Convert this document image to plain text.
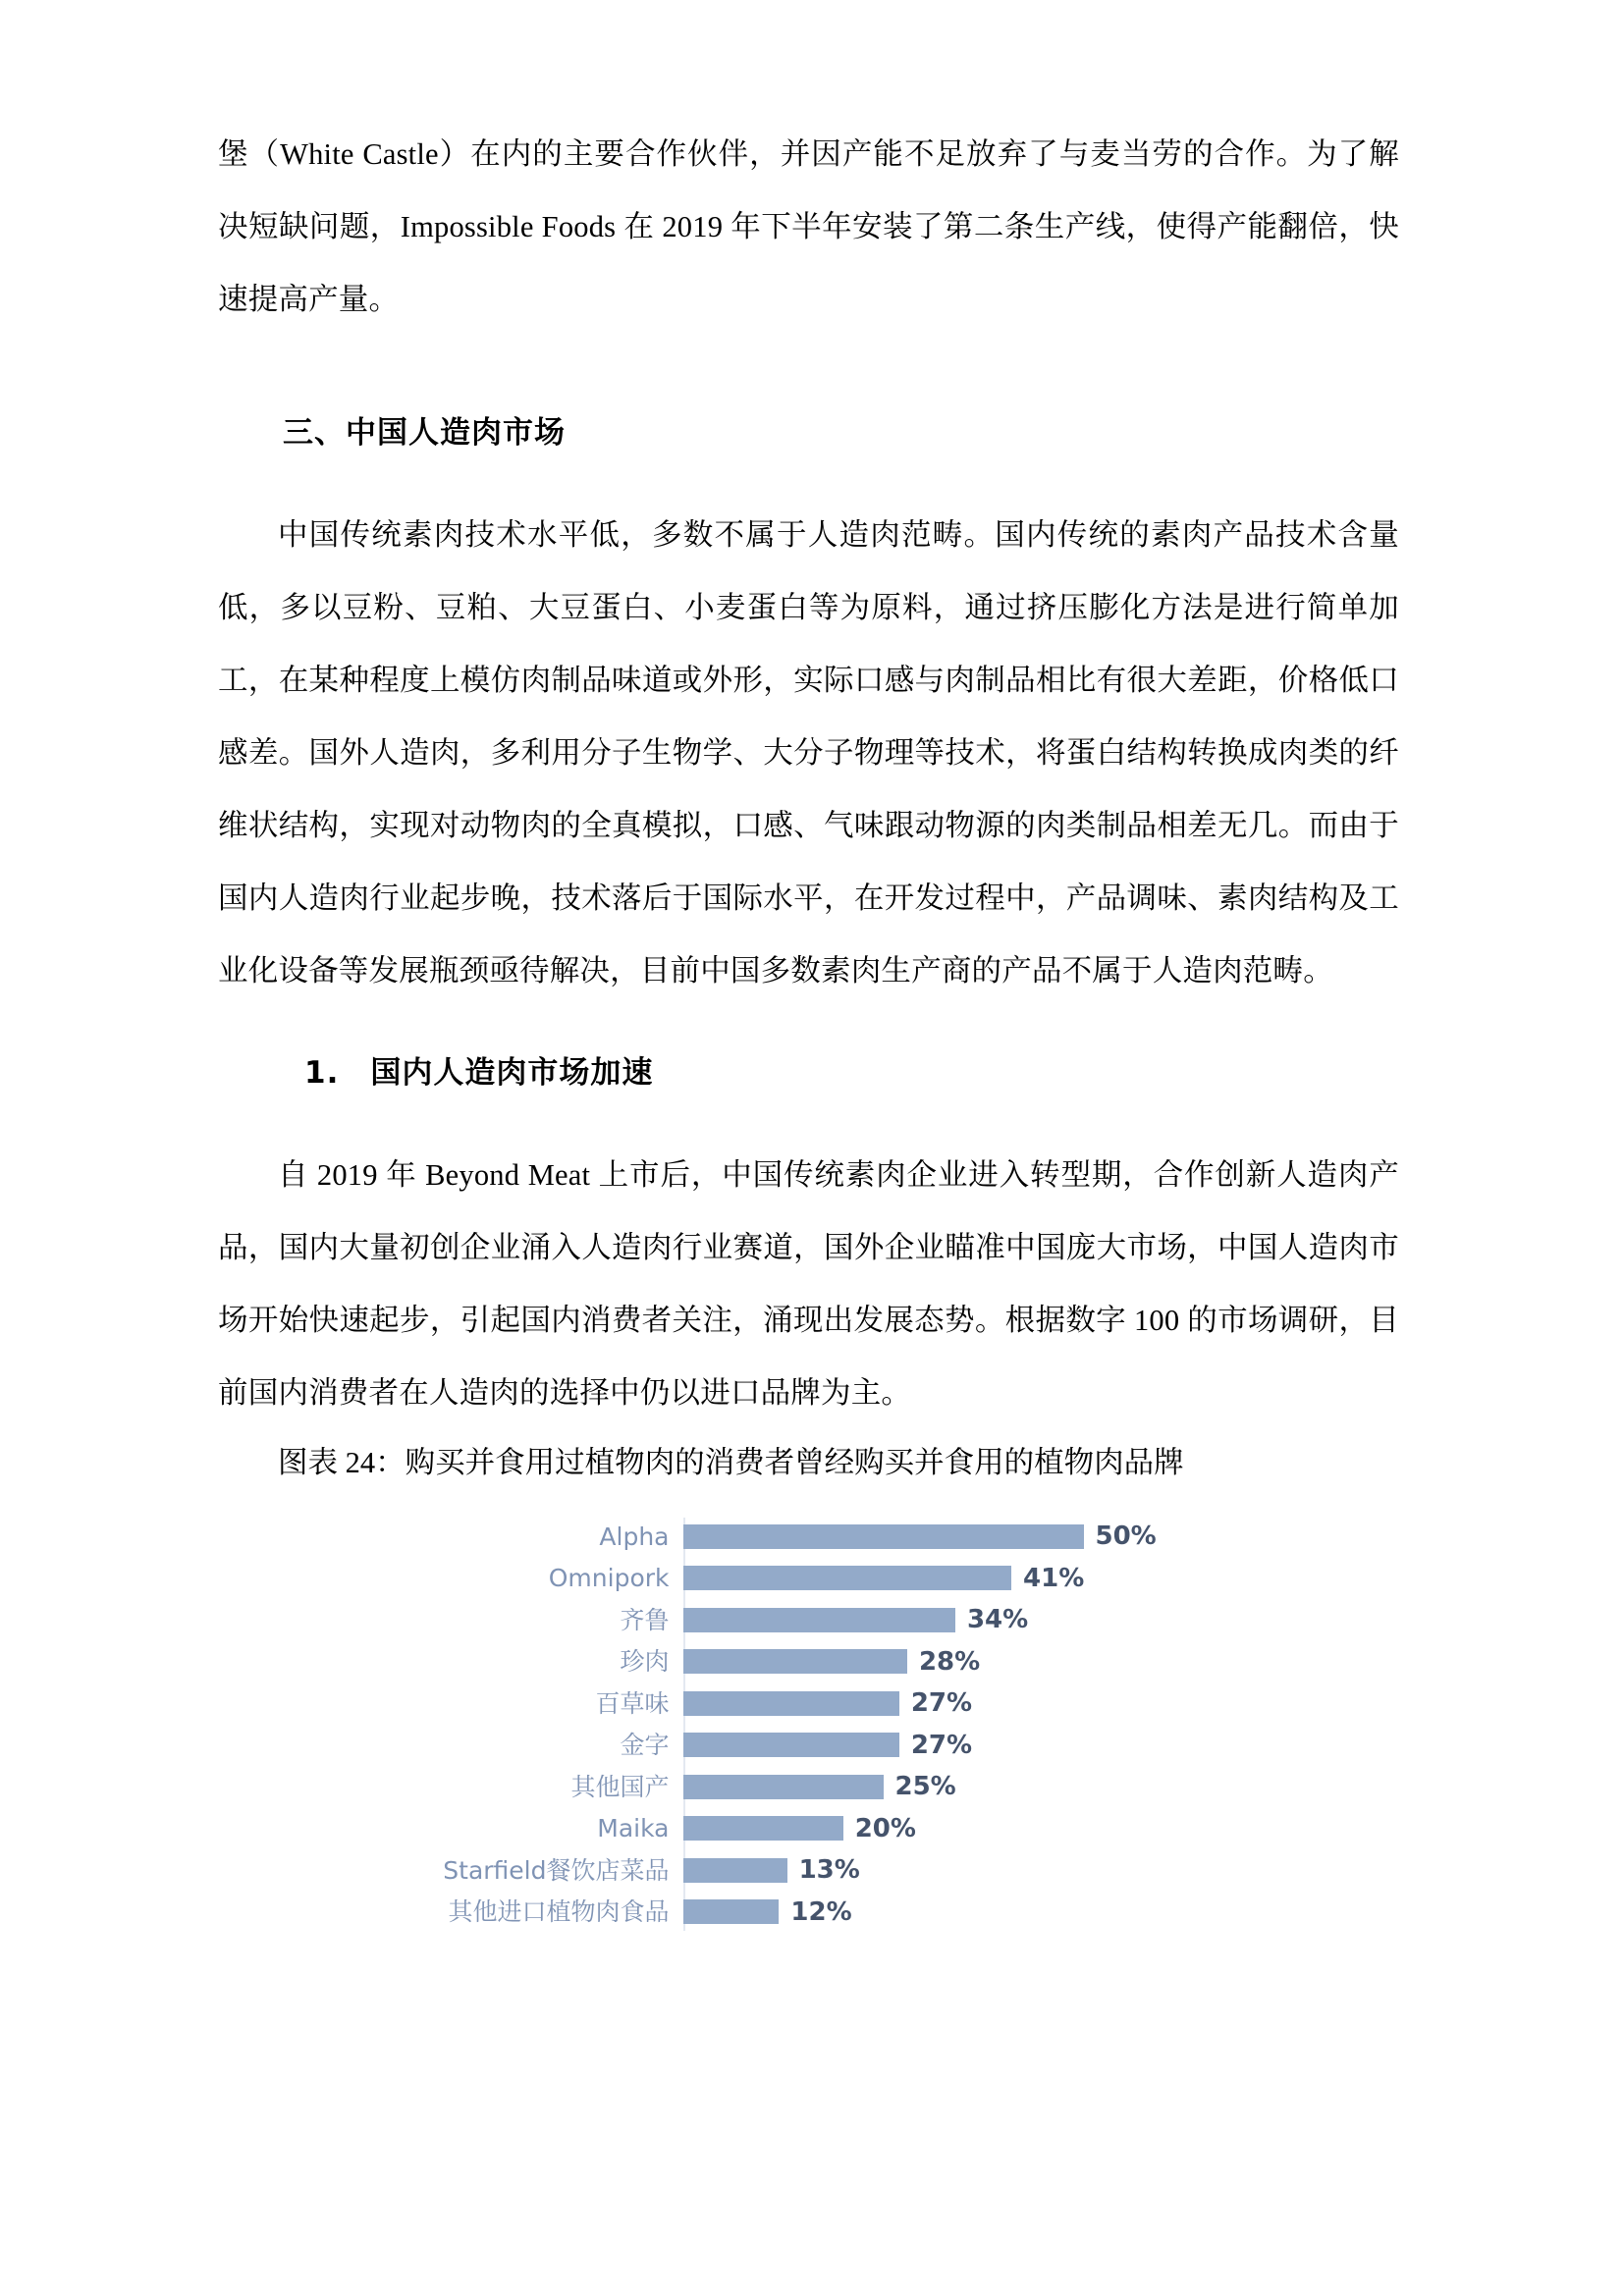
堡（White Castle）在内的主要合作伙伴，并因产能不足放弃了与麦当劳的合作。为了解决短缺问题，Impossible Foods 在 2019 年下半年安装了第二条生产线，使得产能翻倍，快速提高产量。

三、中国人造肉市场

中国传统素肉技术水平低，多数不属于人造肉范畴。国内传统的素肉产品技术含量低，多以豆粉、豆粕、大豆蛋白、小麦蛋白等为原料，通过挤压膨化方法是进行简单加工，在某种程度上模仿肉制品味道或外形，实际口感与肉制品相比有很大差距，价格低口感差。国外人造肉，多利用分子生物学、大分子物理等技术，将蛋白结构转换成肉类的纤维状结构，实现对动物肉的全真模拟，口感、气味跟动物源的肉类制品相差无几。而由于国内人造肉行业起步晚，技术落后于国际水平，在开发过程中，产品调味、素肉结构及工业化设备等发展瓶颈亟待解决，目前中国多数素肉生产商的产品不属于人造肉范畴。

1.　国内人造肉市场加速

自 2019 年 Beyond Meat 上市后，中国传统素肉企业进入转型期，合作创新人造肉产品，国内大量初创企业涌入人造肉行业赛道，国外企业瞄准中国庞大市场，中国人造肉市场开始快速起步，引起国内消费者关注，涌现出发展态势。根据数字 100 的市场调研，目前国内消费者在人造肉的选择中仍以进口品牌为主。

图表 24：购买并食用过植物肉的消费者曾经购买并食用的植物肉品牌

Alpha	50%
Omnipork	41%
齐鲁	34%
珍肉	28%
百草味	27%
金字	27%
其他国产	25%
Maika	20%
Starfield餐饮店菜品	13%
其他进口植物肉食品	12%
